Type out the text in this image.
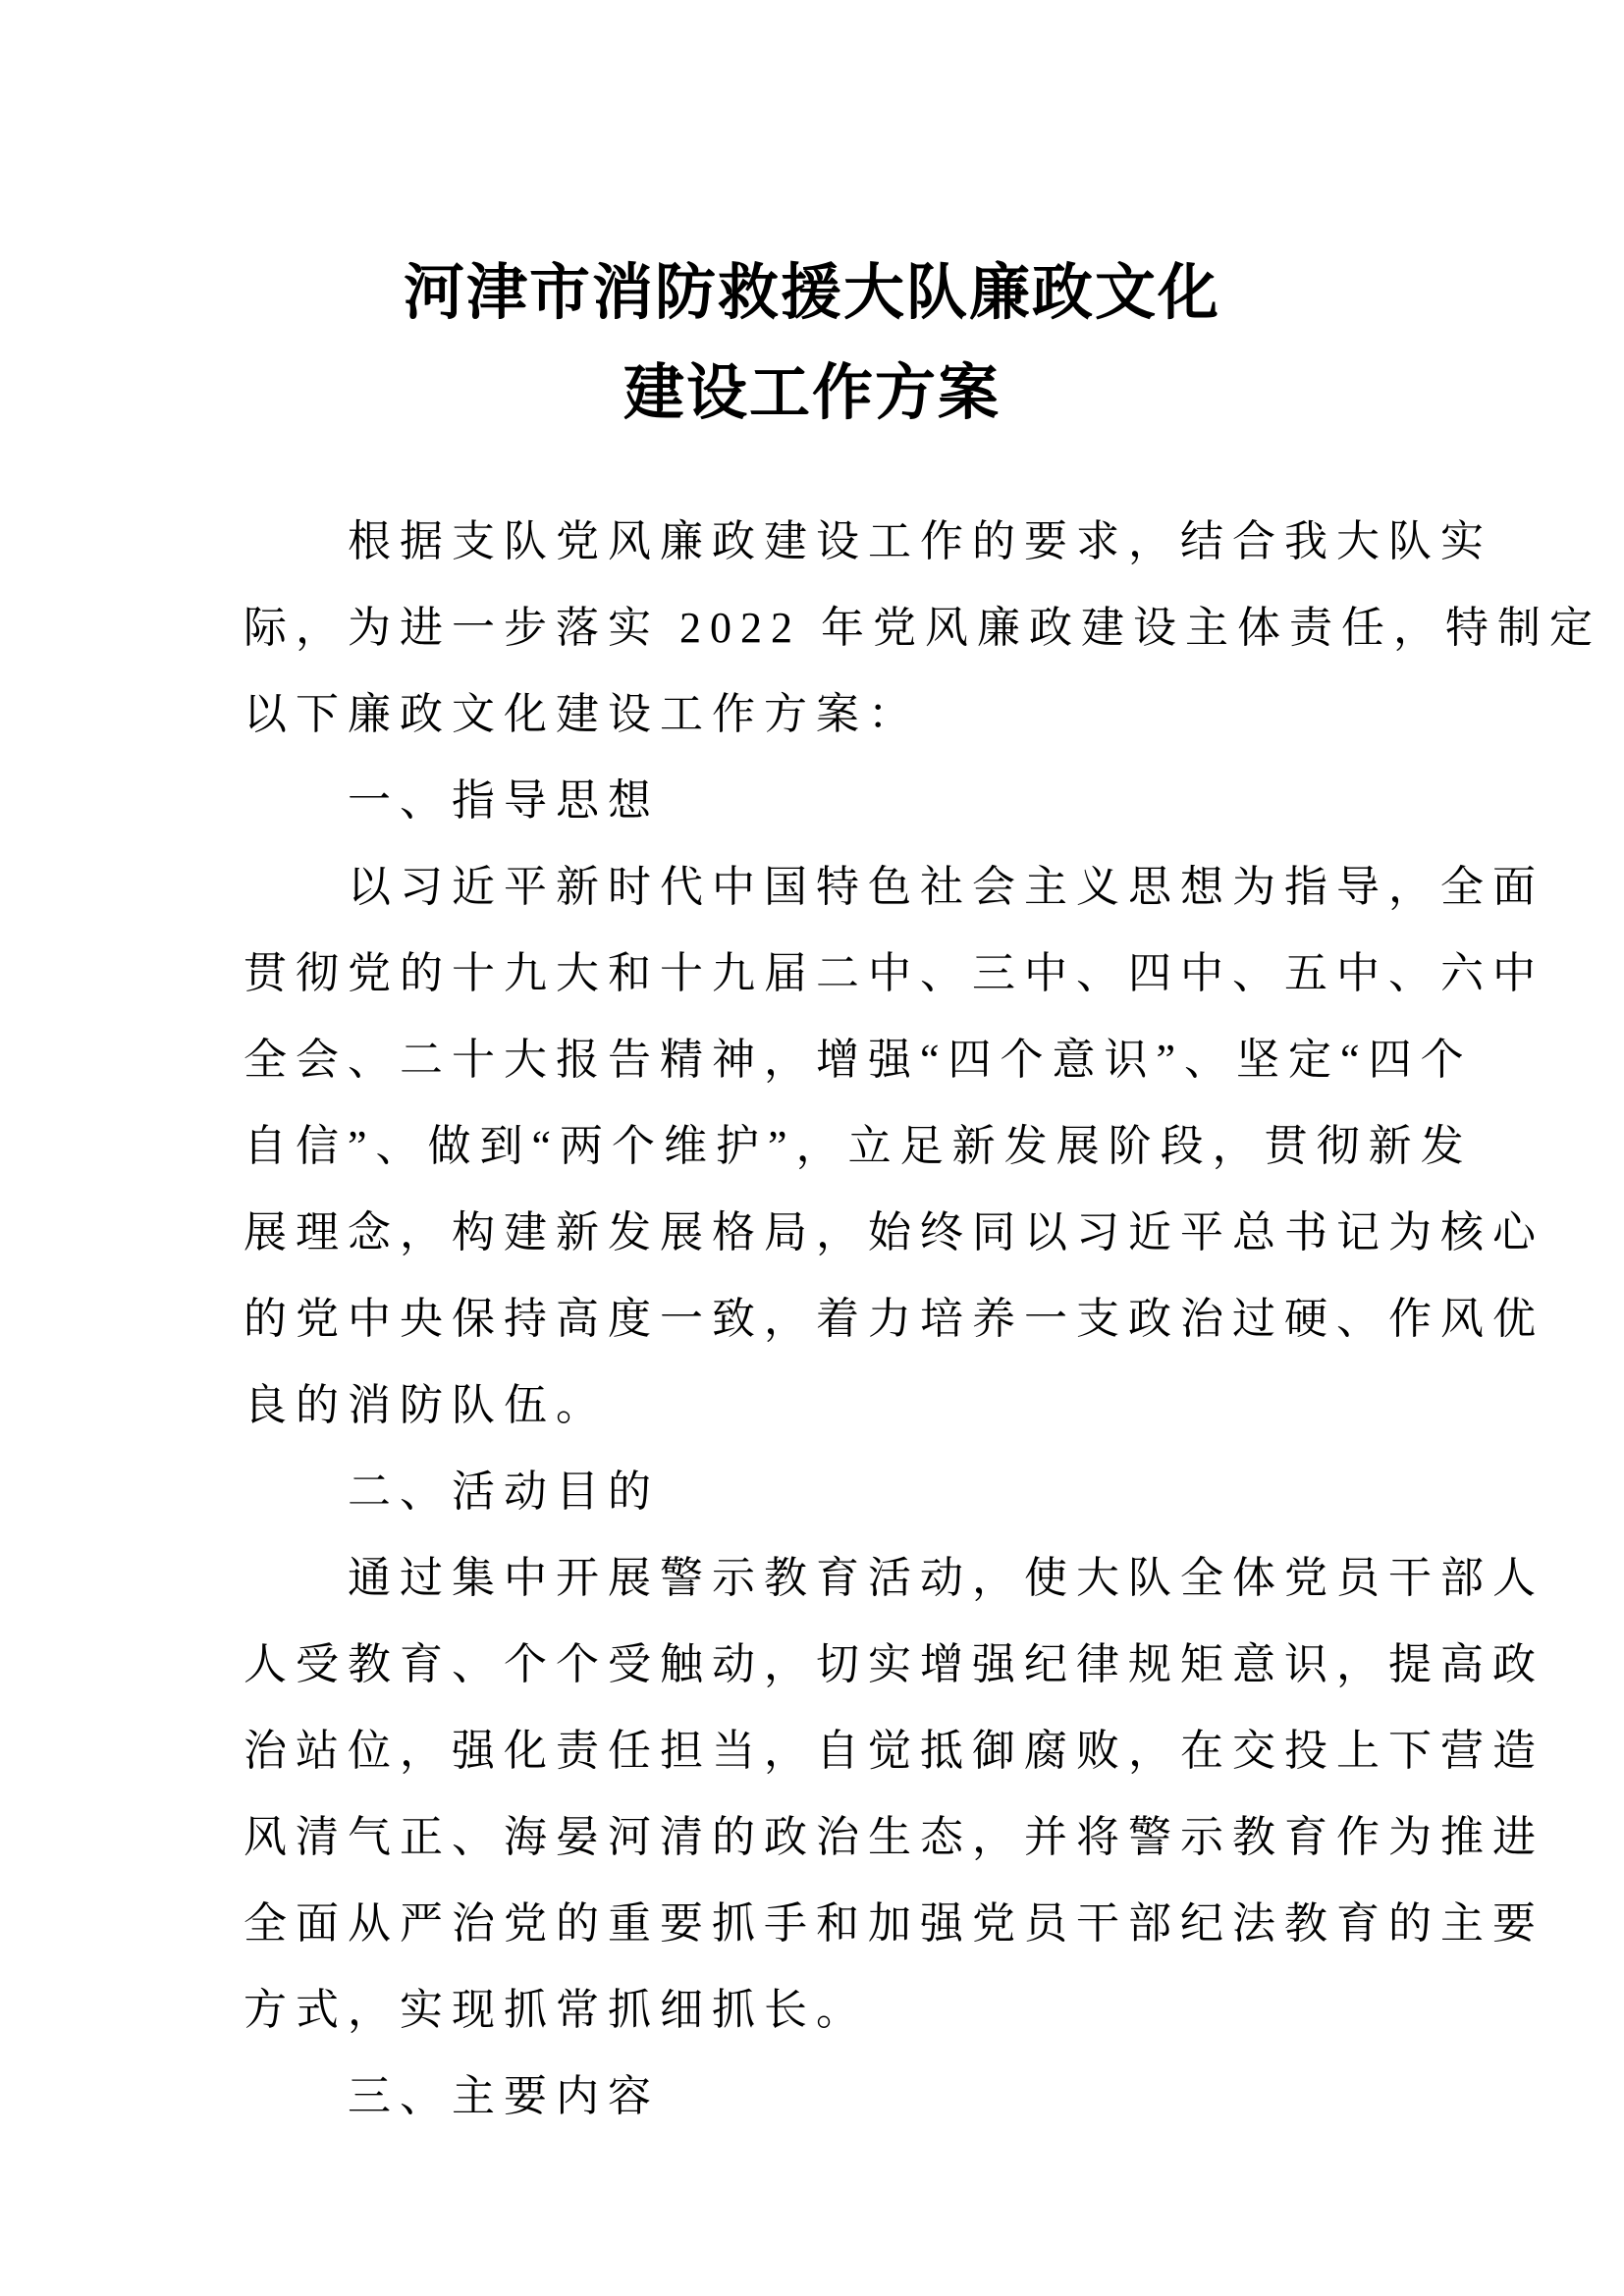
河津市消防救援大队廉政文化
建设工作方案
根据支队党风廉政建设工作的要求，结合我大队实
际，为进一步落实 2022 年党风廉政建设主体责任，特制定
以下廉政文化建设工作方案：
一、指导思想
以习近平新时代中国特色社会主义思想为指导，全面
贯彻党的十九大和十九届二中、三中、四中、五中、六中
全会、二十大报告精神，增强“四个意识”、坚定“四个
自信”、做到“两个维护”，立足新发展阶段，贯彻新发
展理念，构建新发展格局，始终同以习近平总书记为核心
的党中央保持高度一致，着力培养一支政治过硬、作风优
良的消防队伍。
二、活动目的
通过集中开展警示教育活动，使大队全体党员干部人
人受教育、个个受触动，切实增强纪律规矩意识，提高政
治站位，强化责任担当，自觉抵御腐败，在交投上下营造
风清气正、海晏河清的政治生态，并将警示教育作为推进
全面从严治党的重要抓手和加强党员干部纪法教育的主要
方式，实现抓常抓细抓长。
三、主要内容
